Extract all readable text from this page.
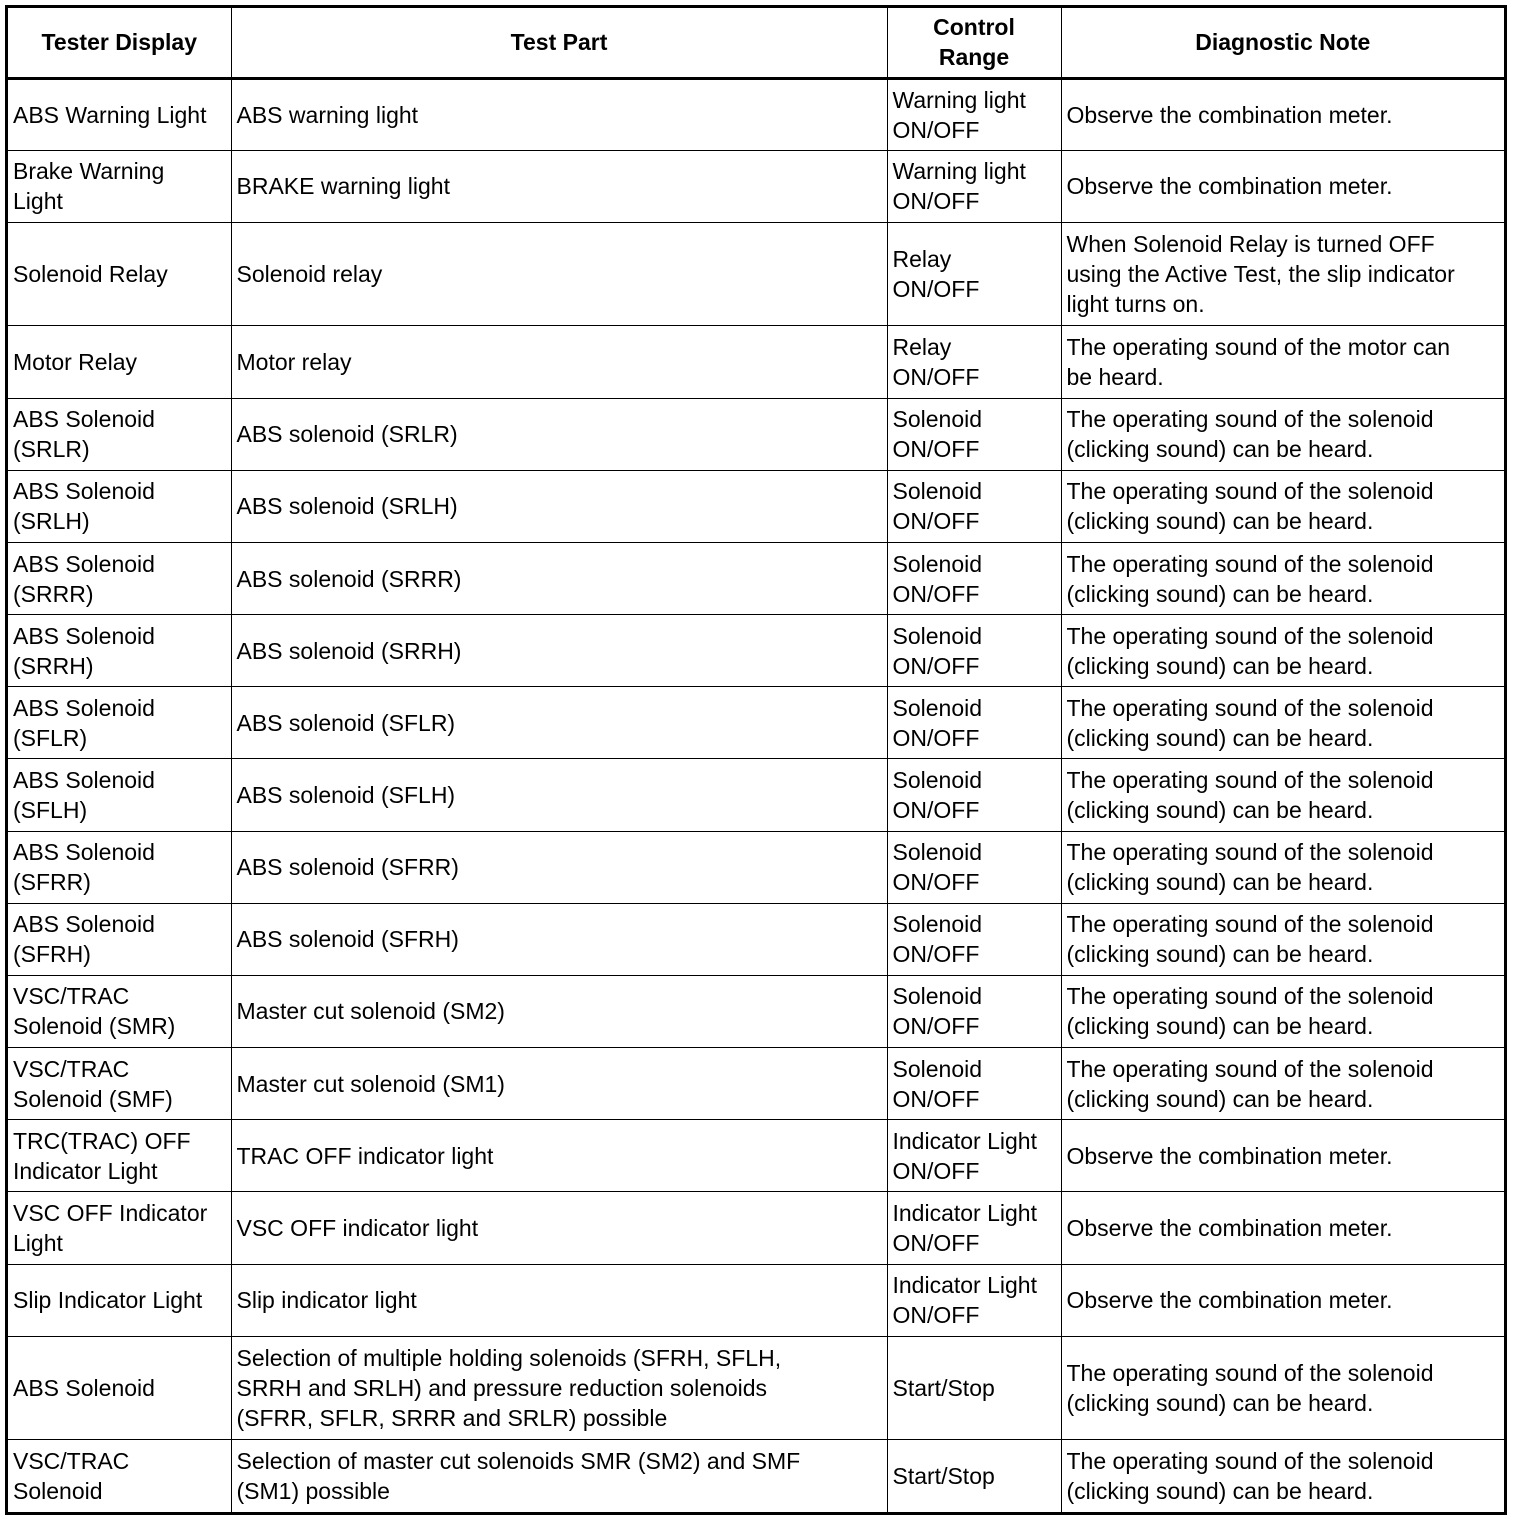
Tester Display	Test Part	Control
Range	Diagnostic Note

ABS Warning Light	ABS warning light	Warning light
ON/OFF	Observe the combination meter.

Brake Warning
Light	BRAKE warning light	Warning light
ON/OFF	Observe the combination meter.

Solenoid Relay	Solenoid relay	Relay
ON/OFF	When Solenoid Relay is turned OFF
using the Active Test, the slip indicator
light turns on.

Motor Relay	Motor relay	Relay
ON/OFF	The operating sound of the motor can
be heard.

ABS Solenoid
(SRLR)	ABS solenoid (SRLR)	Solenoid
ON/OFF	The operating sound of the solenoid
(clicking sound) can be heard.

ABS Solenoid
(SRLH)	ABS solenoid (SRLH)	Solenoid
ON/OFF	The operating sound of the solenoid
(clicking sound) can be heard.

ABS Solenoid
(SRRR)	ABS solenoid (SRRR)	Solenoid
ON/OFF	The operating sound of the solenoid
(clicking sound) can be heard.

ABS Solenoid
(SRRH)	ABS solenoid (SRRH)	Solenoid
ON/OFF	The operating sound of the solenoid
(clicking sound) can be heard.

ABS Solenoid
(SFLR)	ABS solenoid (SFLR)	Solenoid
ON/OFF	The operating sound of the solenoid
(clicking sound) can be heard.

ABS Solenoid
(SFLH)	ABS solenoid (SFLH)	Solenoid
ON/OFF	The operating sound of the solenoid
(clicking sound) can be heard.

ABS Solenoid
(SFRR)	ABS solenoid (SFRR)	Solenoid
ON/OFF	The operating sound of the solenoid
(clicking sound) can be heard.

ABS Solenoid
(SFRH)	ABS solenoid (SFRH)	Solenoid
ON/OFF	The operating sound of the solenoid
(clicking sound) can be heard.

VSC/TRAC
Solenoid (SMR)	Master cut solenoid (SM2)	Solenoid
ON/OFF	The operating sound of the solenoid
(clicking sound) can be heard.

VSC/TRAC
Solenoid (SMF)	Master cut solenoid (SM1)	Solenoid
ON/OFF	The operating sound of the solenoid
(clicking sound) can be heard.

TRC(TRAC) OFF
Indicator Light	TRAC OFF indicator light	Indicator Light
ON/OFF	Observe the combination meter.

VSC OFF Indicator
Light	VSC OFF indicator light	Indicator Light
ON/OFF	Observe the combination meter.

Slip Indicator Light	Slip indicator light	Indicator Light
ON/OFF	Observe the combination meter.

ABS Solenoid	Selection of multiple holding solenoids (SFRH, SFLH,
SRRH and SRLH) and pressure reduction solenoids
(SFRR, SFLR, SRRR and SRLR) possible	Start/Stop	The operating sound of the solenoid
(clicking sound) can be heard.

VSC/TRAC
Solenoid	Selection of master cut solenoids SMR (SM2) and SMF
(SM1) possible	Start/Stop	The operating sound of the solenoid
(clicking sound) can be heard.
